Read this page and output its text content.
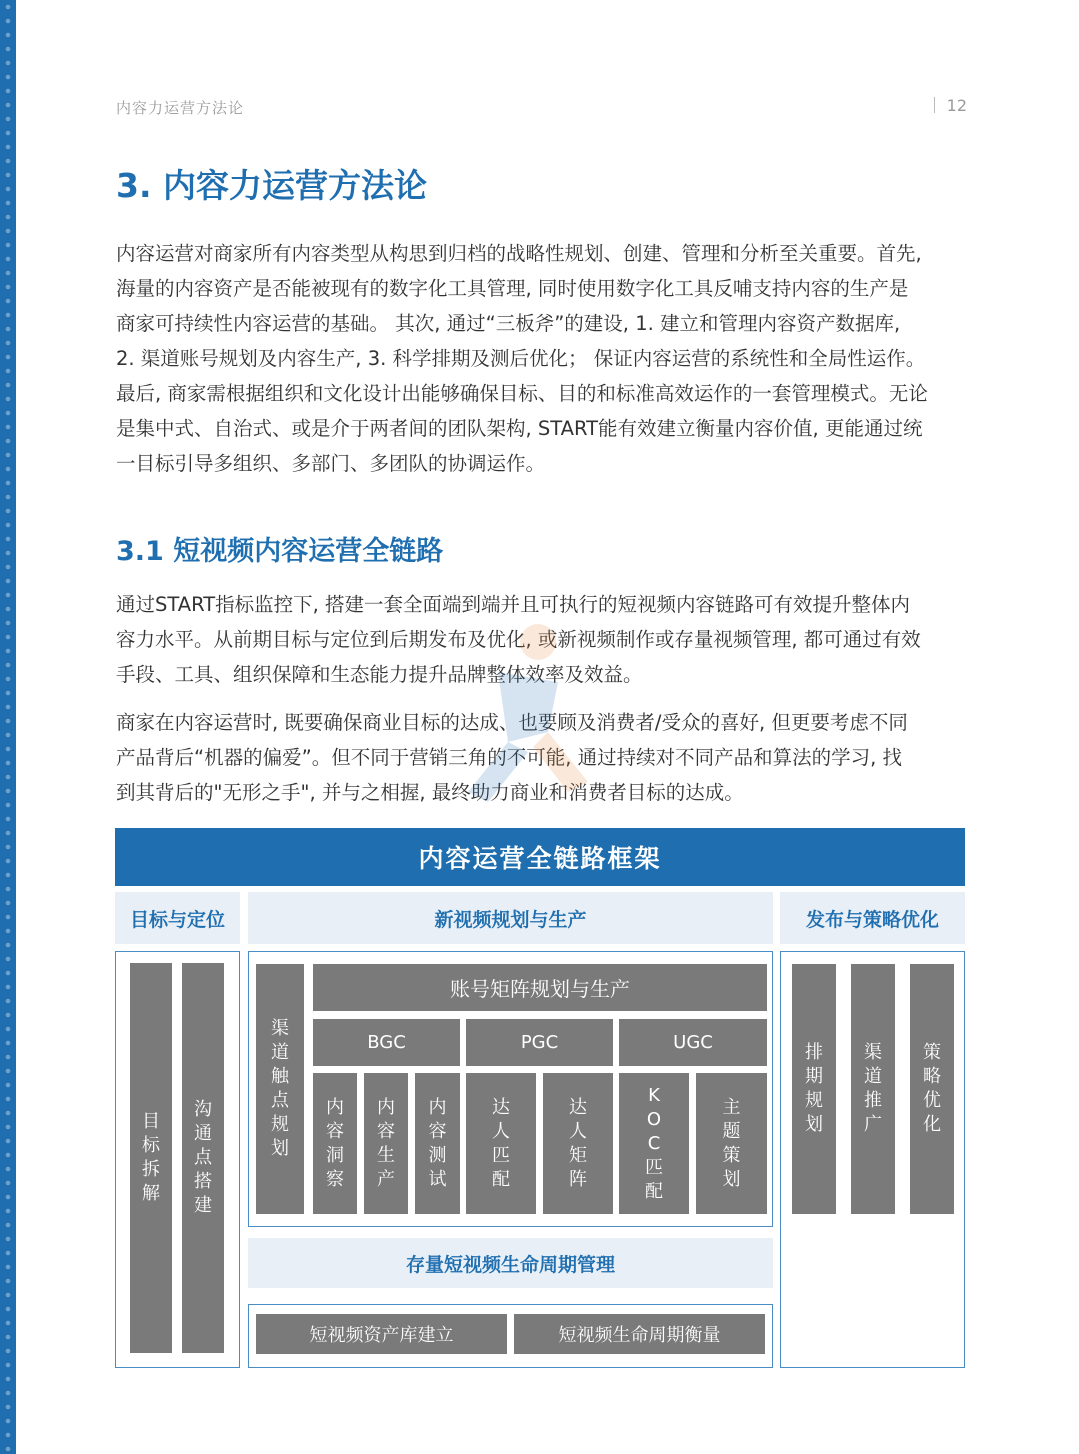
内容力运营方法论	12
3. 内容力运营方法论
内容运营对商家所有内容类型从构思到归档的战略性规划、创建、管理和分析至关重要。首先,
海量的内容资产是否能被现有的数字化工具管理, 同时使用数字化工具反哺支持内容的生产是
商家可持续性内容运营的基础。 其次, 通过“三板斧”的建设, 1. 建立和管理内容资产数据库,
2. 渠道账号规划及内容生产, 3. 科学排期及测后优化； 保证内容运营的系统性和全局性运作。
最后, 商家需根据组织和文化设计出能够确保目标、目的和标准高效运作的一套管理模式。无论
是集中式、自治式、或是介于两者间的团队架构, START能有效建立衡量内容价值, 更能通过统
一目标引导多组织、多部门、多团队的协调运作。
3.1 短视频内容运营全链路
通过START指标监控下, 搭建一套全面端到端并且可执行的短视频内容链路可有效提升整体内
容力水平。从前期目标与定位到后期发布及优化, 或新视频制作或存量视频管理, 都可通过有效
手段、工具、组织保障和生态能力提升品牌整体效率及效益。
商家在内容运营时, 既要确保商业目标的达成、也要顾及消费者/受众的喜好, 但更要考虑不同
产品背后“机器的偏爱”。但不同于营销三角的不可能, 通过持续对不同产品和算法的学习, 找
到其背后的"无形之手", 并与之相握, 最终助力商业和消费者目标的达成。
内容运营全链路框架
目标与定位	新视频规划与生产	发布与策略优化
目
标
拆
解
沟
通
点
搭
建
渠
道
触
点
规
划
账号矩阵规划与生产
BGC	PGC	UGC
内
容
洞
察
内
容
生
产
内
容
测
试
达
人
匹
配
达
人
矩
阵
K
O
C
匹
配
主
题
策
划
存量短视频生命周期管理
短视频资产库建立	短视频生命周期衡量
排
期
规
划
渠
道
推
广
策
略
优
化
